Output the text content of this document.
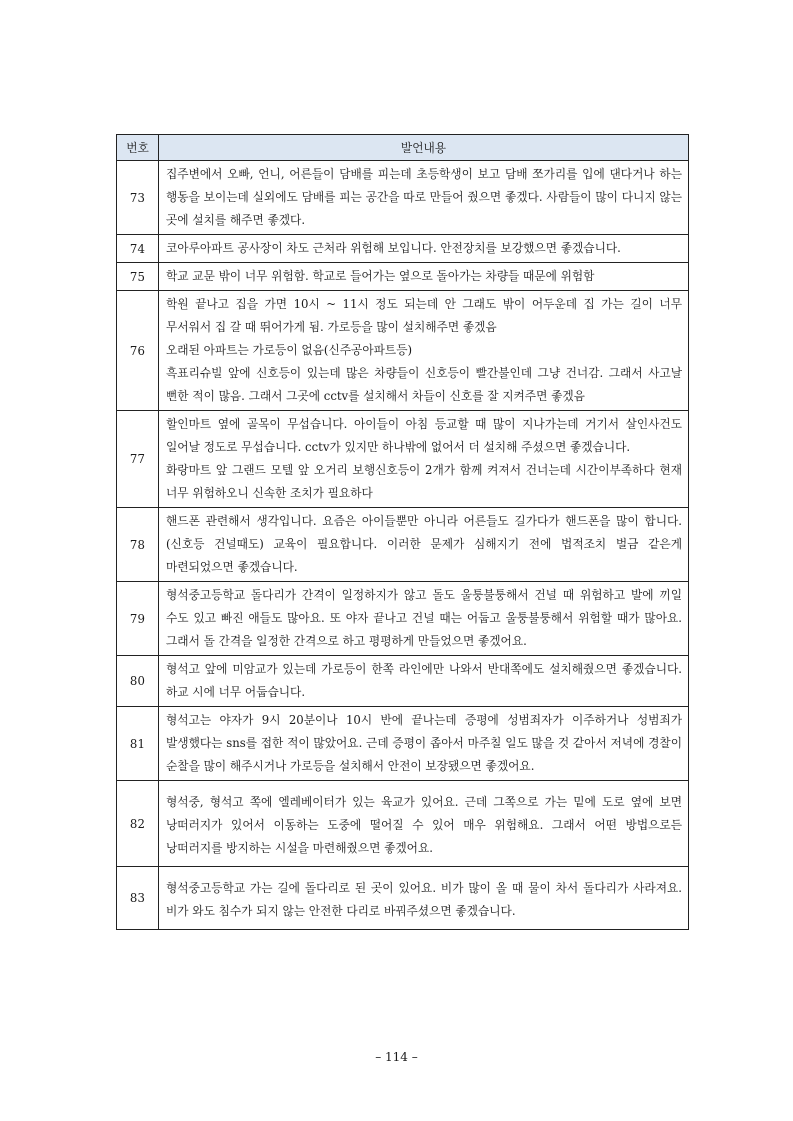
번호	발언내용
73	집주변에서 오빠, 언니, 어른들이 담배를 피는데 초등학생이 보고 담배 쪼가리를 입에 댄다거나 하는 행동을 보이는데 실외에도 담배를 피는 공간을 따로 만들어 줬으면 좋겠다. 사람들이 많이 다니지 않는 곳에 설치를 해주면 좋겠다.

74	코아루아파트 공사장이 차도 근처라 위험해 보입니다. 안전장치를 보강했으면 좋겠습니다.

75	학교 교문 밖이 너무 위험함. 학교로 들어가는 옆으로 돌아가는 차량들 때문에 위험함

76	학원 끝나고 집을 가면 10시 ~ 11시 정도 되는데 안 그래도 밖이 어두운데 집 가는 길이 너무 무서워서 집 갈 때 뛰어가게 됨. 가로등을 많이 설치해주면 좋겠음
오래된 아파트는 가로등이 없음(신주공아파트등)
흑표리슈빌 앞에 신호등이 있는데 많은 차량들이 신호등이 빨간불인데 그냥 건너감. 그래서 사고날 뻔한 적이 많음. 그래서 그곳에 cctv를 설치해서 차들이 신호를 잘 지켜주면 좋겠음

77	할인마트 옆에 골목이 무섭습니다. 아이들이 아침 등교할 때 많이 지나가는데 거기서 살인사건도 일어날 정도로 무섭습니다. cctv가 있지만 하나밖에 없어서 더 설치해 주셨으면 좋겠습니다.
화랑마트 앞 그랜드 모텔 앞 오거리 보행신호등이 2개가 함께 켜져서 건너는데 시간이부족하다 현재 너무 위험하오니 신속한 조치가 필요하다

78	핸드폰 관련해서 생각입니다. 요즘은 아이들뿐만 아니라 어른들도 길가다가 핸드폰을 많이 합니다.(신호등 건널때도) 교육이 필요합니다. 이러한 문제가 심해지기 전에 법적조치 벌금 같은게 마련되었으면 좋겠습니다.

79	형석중고등학교 돌다리가 간격이 일정하지가 않고 돌도 울퉁불퉁해서 건널 때 위험하고 발에 끼일 수도 있고 빠진 애들도 많아요. 또 야자 끝나고 건널 때는 어둡고 울퉁불퉁해서 위험할 때가 많아요. 그래서 돌 간격을 일정한 간격으로 하고 평평하게 만들었으면 좋겠어요.

80	형석고 앞에 미암교가 있는데 가로등이 한쪽 라인에만 나와서 반대쪽에도 설치해줬으면 좋겠습니다. 하교 시에 너무 어둡습니다.

81	형석고는 야자가 9시 20분이나 10시 반에 끝나는데 증평에 성범죄자가 이주하거나 성범죄가 발생했다는 sns를 접한 적이 많았어요. 근데 증평이 좁아서 마주칠 일도 많을 것 같아서 저녁에 경찰이 순찰을 많이 해주시거나 가로등을 설치해서 안전이 보장됐으면 좋겠어요.

82	형석중, 형석고 쪽에 엘레베이터가 있는 육교가 있어요. 근데 그쪽으로 가는 밑에 도로 옆에 보면 낭떠러지가 있어서 이동하는 도중에 떨어질 수 있어 매우 위험해요. 그래서 어떤 방법으로든 낭떠러지를 방지하는 시설을 마련해줬으면 좋겠어요.

83	형석중고등학교 가는 길에 돌다리로 된 곳이 있어요. 비가 많이 올 때 물이 차서 돌다리가 사라져요. 비가 와도 침수가 되지 않는 안전한 다리로 바꿔주셨으면 좋겠습니다.
– 114 –
